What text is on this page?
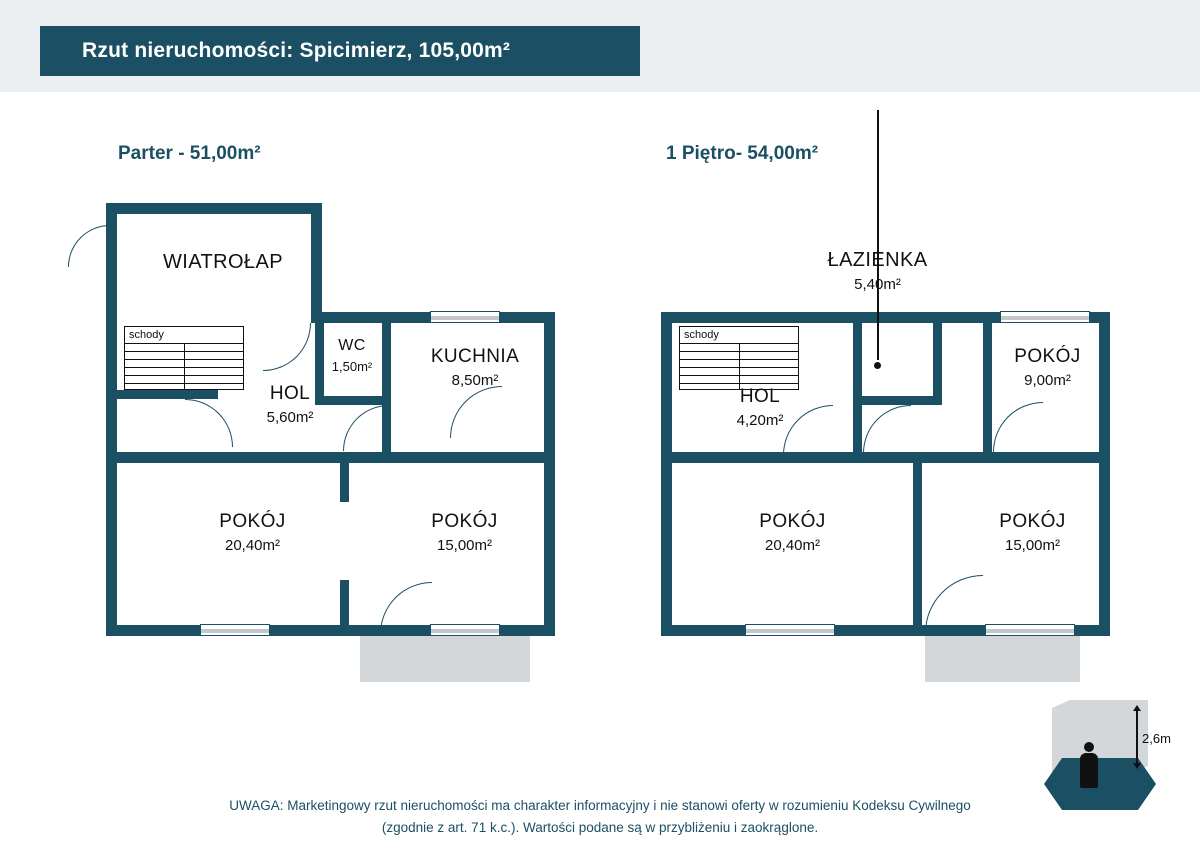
Rzut nieruchomości: Spicimierz, 105,00m²
Parter - 51,00m²	1 Piętro- 54,00m²
schody
WIATROŁAP
HOL
5,60m²
WC
1,50m²	KUCHNIA
8,50m²
POKÓJ
20,40m²
POKÓJ
15,00m²
schody
ŁAZIENKA
5,40m²
HOL
4,20m²
POKÓJ
9,00m²
POKÓJ
20,40m²
POKÓJ
15,00m²
2,6m
UWAGA: Marketingowy rzut nieruchomości ma charakter informacyjny i nie stanowi oferty w rozumieniu Kodeksu Cywilnego
(zgodnie z art. 71 k.c.). Wartości podane są w przybliżeniu i zaokrąglone.
